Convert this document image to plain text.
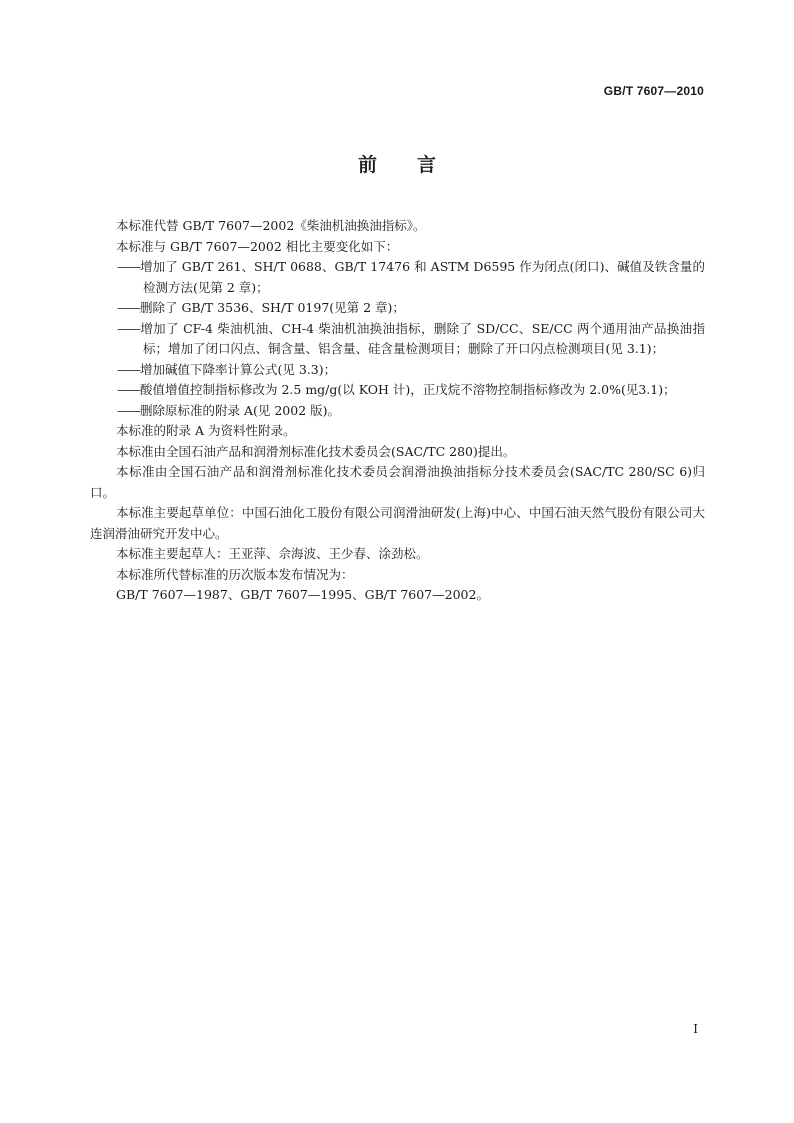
GB/T 7607—2010
前 言

本标准代替 GB/T 7607—2002《柴油机油换油指标》。

本标准与 GB/T 7607—2002 相比主要变化如下：

——增加了 GB/T 261、SH/T 0688、GB/T 17476 和 ASTM D6595 作为闭点(闭口)、碱值及铁含量的检测方法(见第 2 章)；

——删除了 GB/T 3536、SH/T 0197(见第 2 章)；

——增加了 CF-4 柴油机油、CH-4 柴油机油换油指标，删除了 SD/CC、SE/CC 两个通用油产品换油指标；增加了闭口闪点、铜含量、铝含量、硅含量检测项目；删除了开口闪点检测项目(见 3.1)；

——增加碱值下降率计算公式(见 3.3)；

——酸值增值控制指标修改为 2.5 mg/g(以 KOH 计)，正戊烷不溶物控制指标修改为 2.0%(见3.1)；

——删除原标准的附录 A(见 2002 版)。

本标准的附录 A 为资料性附录。

本标准由全国石油产品和润滑剂标准化技术委员会(SAC/TC 280)提出。

本标准由全国石油产品和润滑剂标准化技术委员会润滑油换油指标分技术委员会(SAC/TC 280/SC 6)归口。

本标准主要起草单位：中国石油化工股份有限公司润滑油研发(上海)中心、中国石油天然气股份有限公司大连润滑油研究开发中心。

本标准主要起草人：王亚萍、佘海波、王少春、涂劲松。

本标准所代替标准的历次版本发布情况为：

GB/T 7607—1987、GB/T 7607—1995、GB/T 7607—2002。

I
